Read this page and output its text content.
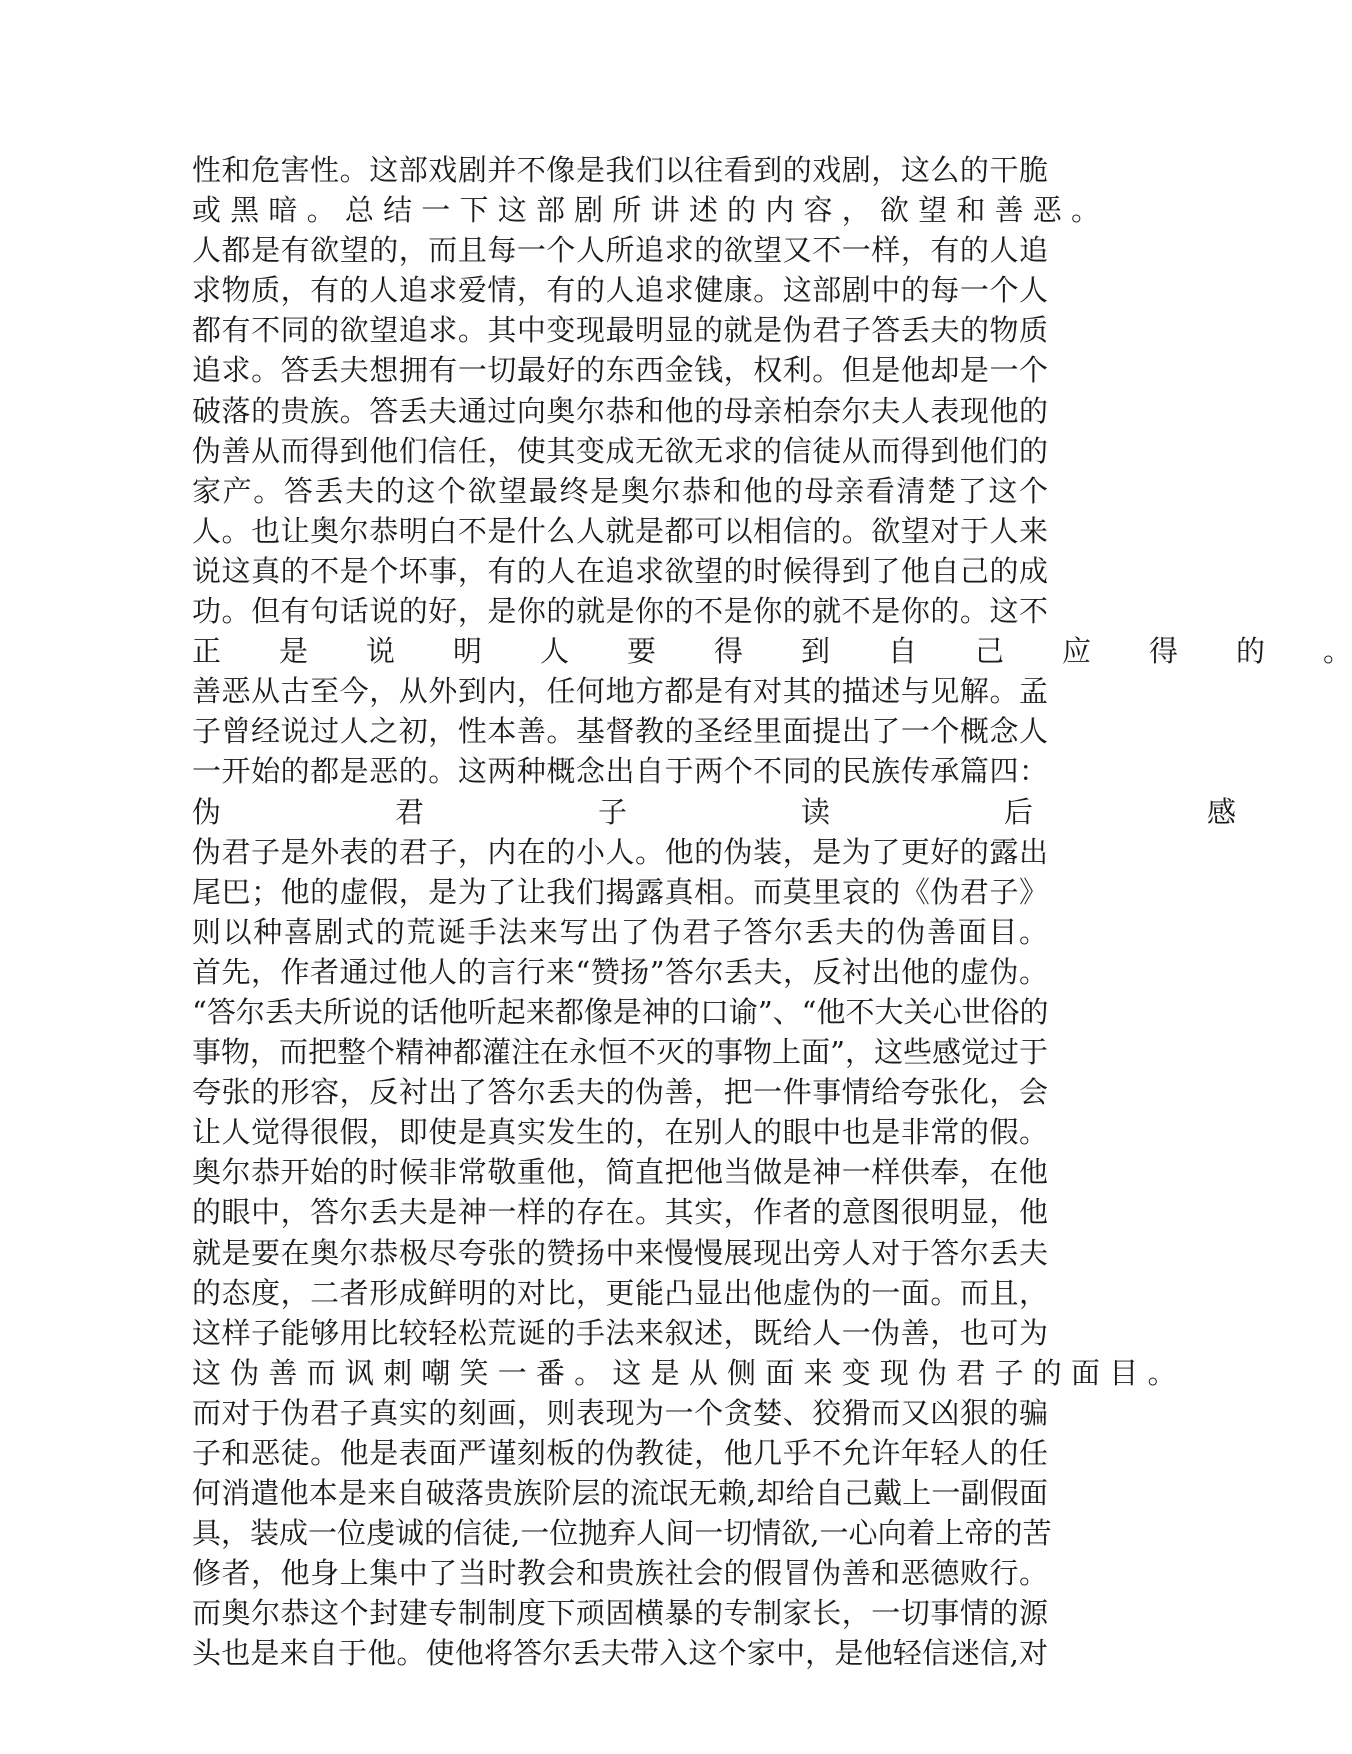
性和危害性。这部戏剧并不像是我们以往看到的戏剧，这么的干脆
或 黑 暗 。 总 结 一 下 这 部 剧 所 讲 述 的 内 容 ， 欲 望 和 善 恶 。
人都是有欲望的，而且每一个人所追求的欲望又不一样，有的人追
求物质，有的人追求爱情，有的人追求健康。这部剧中的每一个人
都有不同的欲望追求。其中变现最明显的就是伪君子答丢夫的物质
追求。答丢夫想拥有一切最好的东西金钱，权利。但是他却是一个
破落的贵族。答丢夫通过向奥尔恭和他的母亲柏奈尔夫人表现他的
伪善从而得到他们信任，使其变成无欲无求的信徒从而得到他们的
家产。答丢夫的这个欲望最终是奥尔恭和他的母亲看清楚了这个
人。也让奥尔恭明白不是什么人就是都可以相信的。欲望对于人来
说这真的不是个坏事，有的人在追求欲望的时候得到了他自己的成
功。但有句话说的好，是你的就是你的不是你的就不是你的。这不
正　　是　　说　　明　　人　　要　　得　　到　　自　　己　　应　　得　　的　　。
善恶从古至今，从外到内，任何地方都是有对其的描述与见解。孟
子曾经说过人之初，性本善。基督教的圣经里面提出了一个概念人
一开始的都是恶的。这两种概念出自于两个不同的民族传承篇四：
伪　　　　　　君　　　　　　子　　　　　　读　　　　　　后　　　　　　感
伪君子是外表的君子，内在的小人。他的伪装，是为了更好的露出
尾巴；他的虚假，是为了让我们揭露真相。而莫里哀的《伪君子》
则以种喜剧式的荒诞手法来写出了伪君子答尔丢夫的伪善面目。
首先，作者通过他人的言行来“赞扬”答尔丢夫，反衬出他的虚伪。
“答尔丢夫所说的话他听起来都像是神的口谕”、“他不大关心世俗的
事物，而把整个精神都灌注在永恒不灭的事物上面”，这些感觉过于
夸张的形容，反衬出了答尔丢夫的伪善，把一件事情给夸张化，会
让人觉得很假，即使是真实发生的，在别人的眼中也是非常的假。
奥尔恭开始的时候非常敬重他，简直把他当做是神一样供奉，在他
的眼中，答尔丢夫是神一样的存在。其实，作者的意图很明显，他
就是要在奥尔恭极尽夸张的赞扬中来慢慢展现出旁人对于答尔丢夫
的态度，二者形成鲜明的对比，更能凸显出他虚伪的一面。而且，
这样子能够用比较轻松荒诞的手法来叙述，既给人一伪善，也可为
这 伪 善 而 讽 刺 嘲 笑 一 番 。 这 是 从 侧 面 来 变 现 伪 君 子 的 面 目 。
而对于伪君子真实的刻画，则表现为一个贪婪、狡猾而又凶狠的骗
子和恶徒。他是表面严谨刻板的伪教徒，他几乎不允许年轻人的任
何消遣他本是来自破落贵族阶层的流氓无赖,却给自己戴上一副假面
具，装成一位虔诚的信徒,一位抛弃人间一切情欲,一心向着上帝的苦
修者，他身上集中了当时教会和贵族社会的假冒伪善和恶德败行。
而奥尔恭这个封建专制制度下顽固横暴的专制家长，一切事情的源
头也是来自于他。使他将答尔丢夫带入这个家中，是他轻信迷信,对
